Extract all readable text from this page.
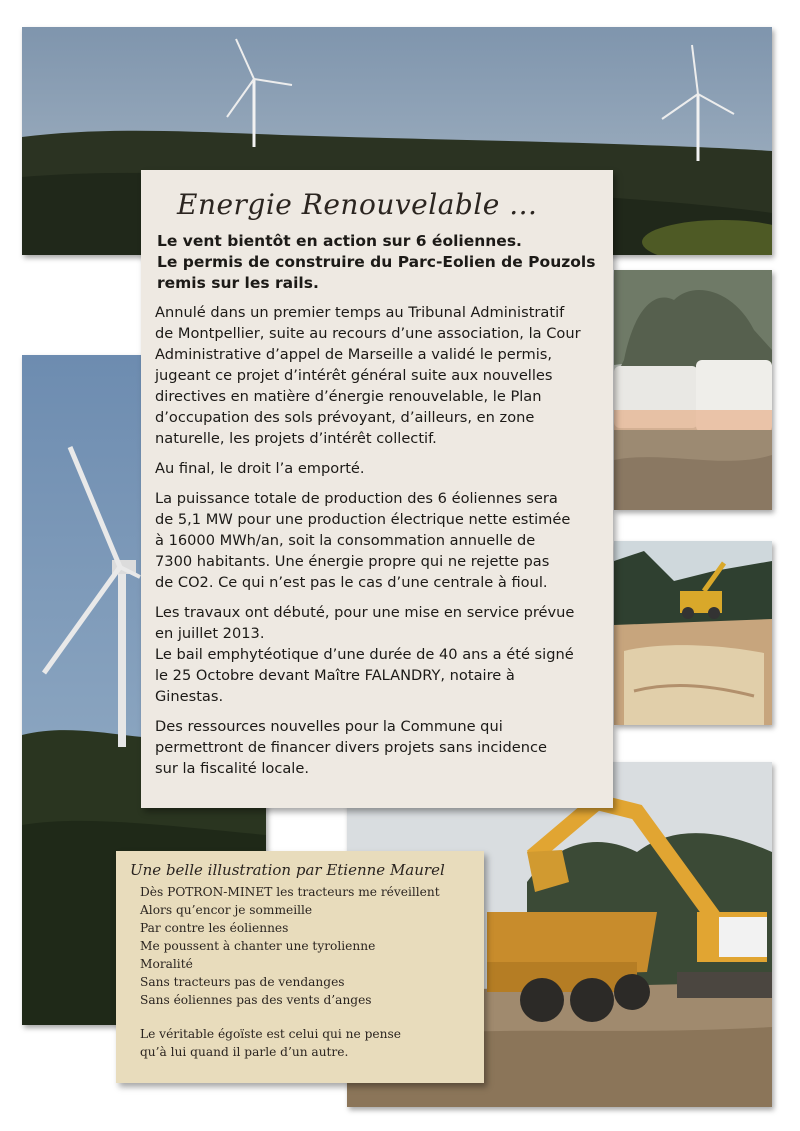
Energie Renouvelable ...
Le vent bientôt en action sur 6 éoliennes.
Le permis de construire du Parc-Eolien de Pouzols
remis sur les rails.
Annulé dans un premier temps au Tribunal Administratif
de Montpellier, suite au recours d’une association, la Cour
Administrative d’appel de Marseille a validé le permis,
jugeant ce projet d’intérêt général suite aux nouvelles
directives en matière d’énergie renouvelable, le Plan
d’occupation des sols prévoyant, d’ailleurs, en zone
naturelle, les projets d’intérêt collectif.
Au final, le droit l’a emporté.
La puissance totale de production des 6 éoliennes sera
de 5,1 MW pour une production électrique nette estimée
à 16000 MWh/an, soit la consommation annuelle de
7300 habitants. Une énergie propre qui ne rejette pas
de CO2. Ce qui n’est pas le cas d’une centrale à fioul.
Les travaux ont débuté, pour une mise en service prévue
en juillet 2013.
Le bail emphytéotique d’une durée de 40 ans a été signé
le 25 Octobre devant Maître FALANDRY, notaire à
Ginestas.
Des ressources nouvelles pour la Commune qui
permettront de financer divers projets sans incidence
sur la fiscalité locale.
Une belle illustration par Etienne Maurel
Dès POTRON-MINET les tracteurs me réveillent
Alors qu’encor je sommeille
Par contre les éoliennes
Me poussent à chanter une tyrolienne
Moralité
Sans tracteurs pas de vendanges
Sans éoliennes pas des vents d’anges
Le véritable égoïste est celui qui ne pense
qu’à lui quand il parle d’un autre.
